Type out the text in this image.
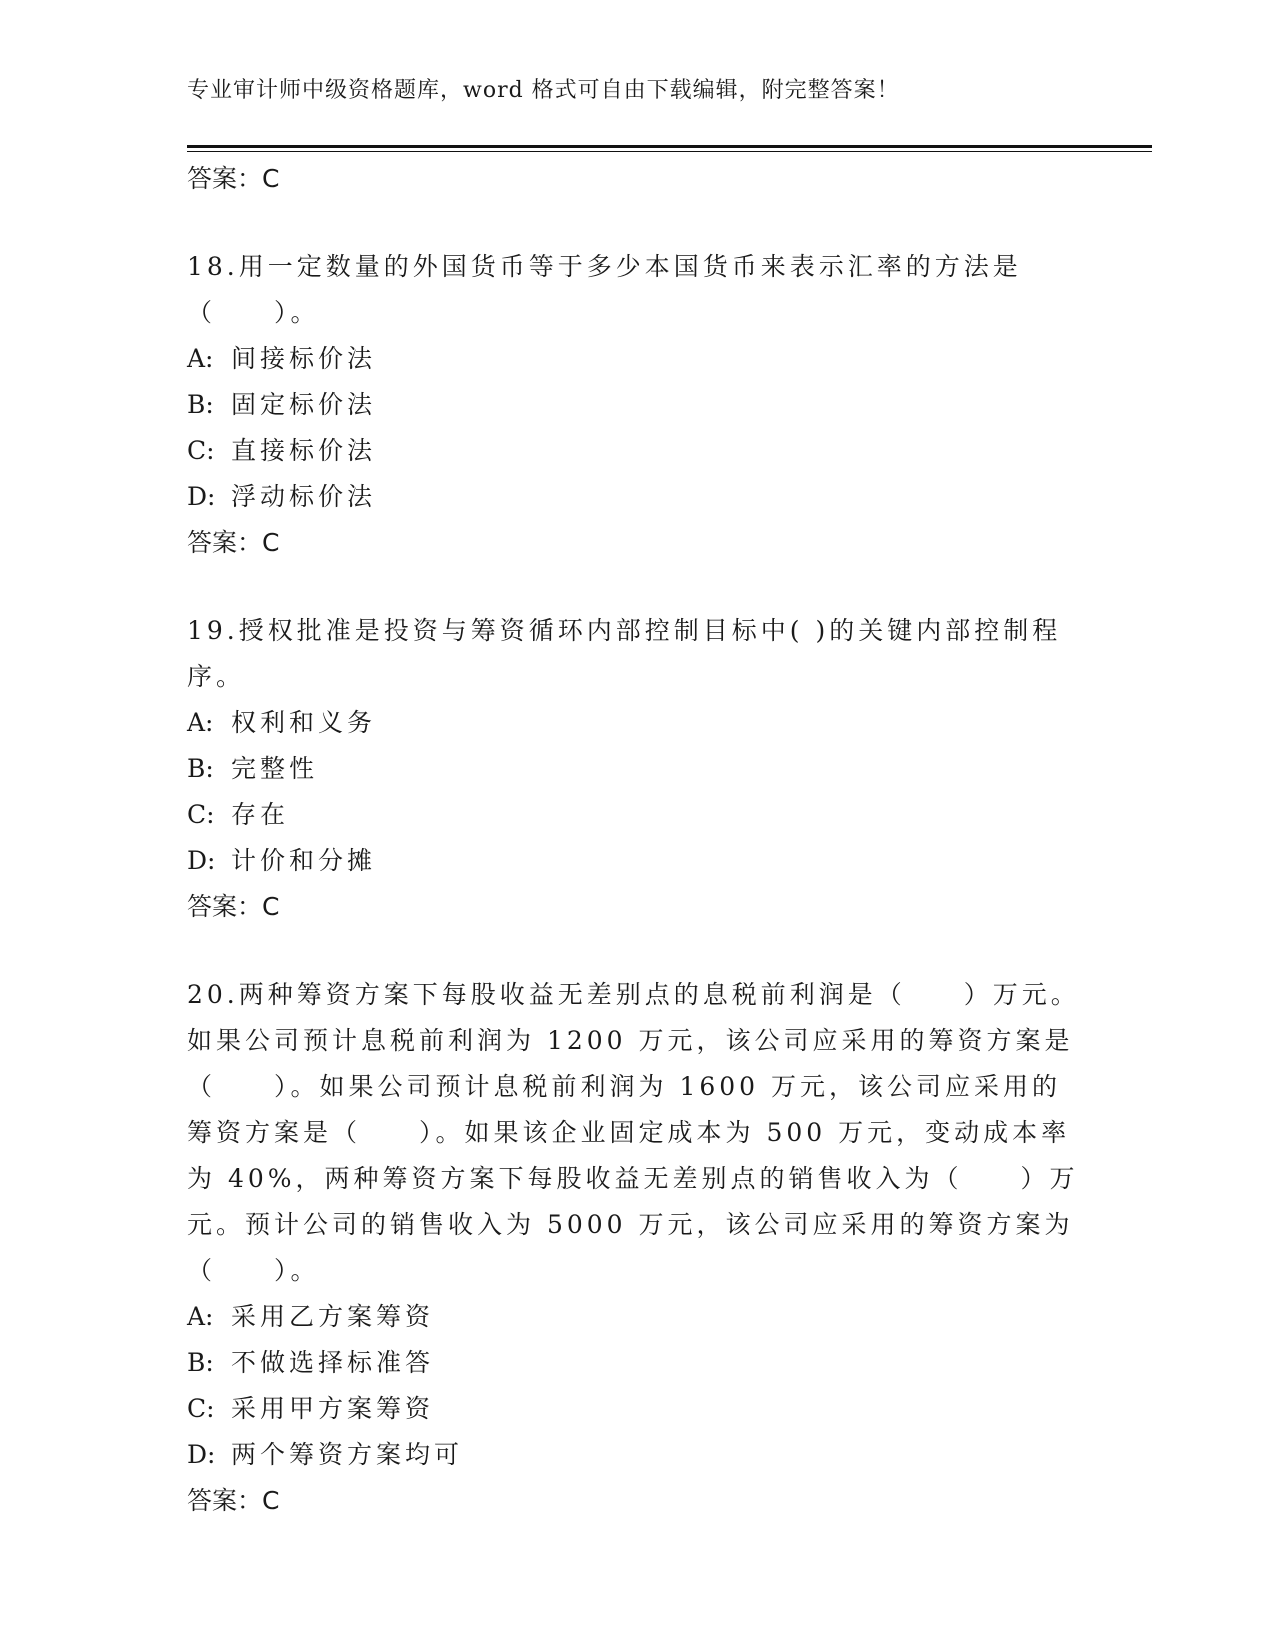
专业审计师中级资格题库，word 格式可自由下载编辑，附完整答案！
答案：C

18.用一定数量的外国货币等于多少本国货币来表示汇率的方法是（　　）。

A: 间接标价法
B: 固定标价法
C: 直接标价法
D: 浮动标价法
答案：C

19.授权批准是投资与筹资循环内部控制目标中( )的关键内部控制程序。

A: 权利和义务
B: 完整性
C: 存在
D: 计价和分摊
答案：C

20.两种筹资方案下每股收益无差别点的息税前利润是（　　）万元。如果公司预计息税前利润为 1200 万元，该公司应采用的筹资方案是（　　）。如果公司预计息税前利润为 1600 万元，该公司应采用的筹资方案是（　　）。如果该企业固定成本为 500 万元，变动成本率为 40%，两种筹资方案下每股收益无差别点的销售收入为（　　）万元。预计公司的销售收入为 5000 万元，该公司应采用的筹资方案为（　　）。

A: 采用乙方案筹资
B: 不做选择标准答
C: 采用甲方案筹资
D: 两个筹资方案均可
答案：C
